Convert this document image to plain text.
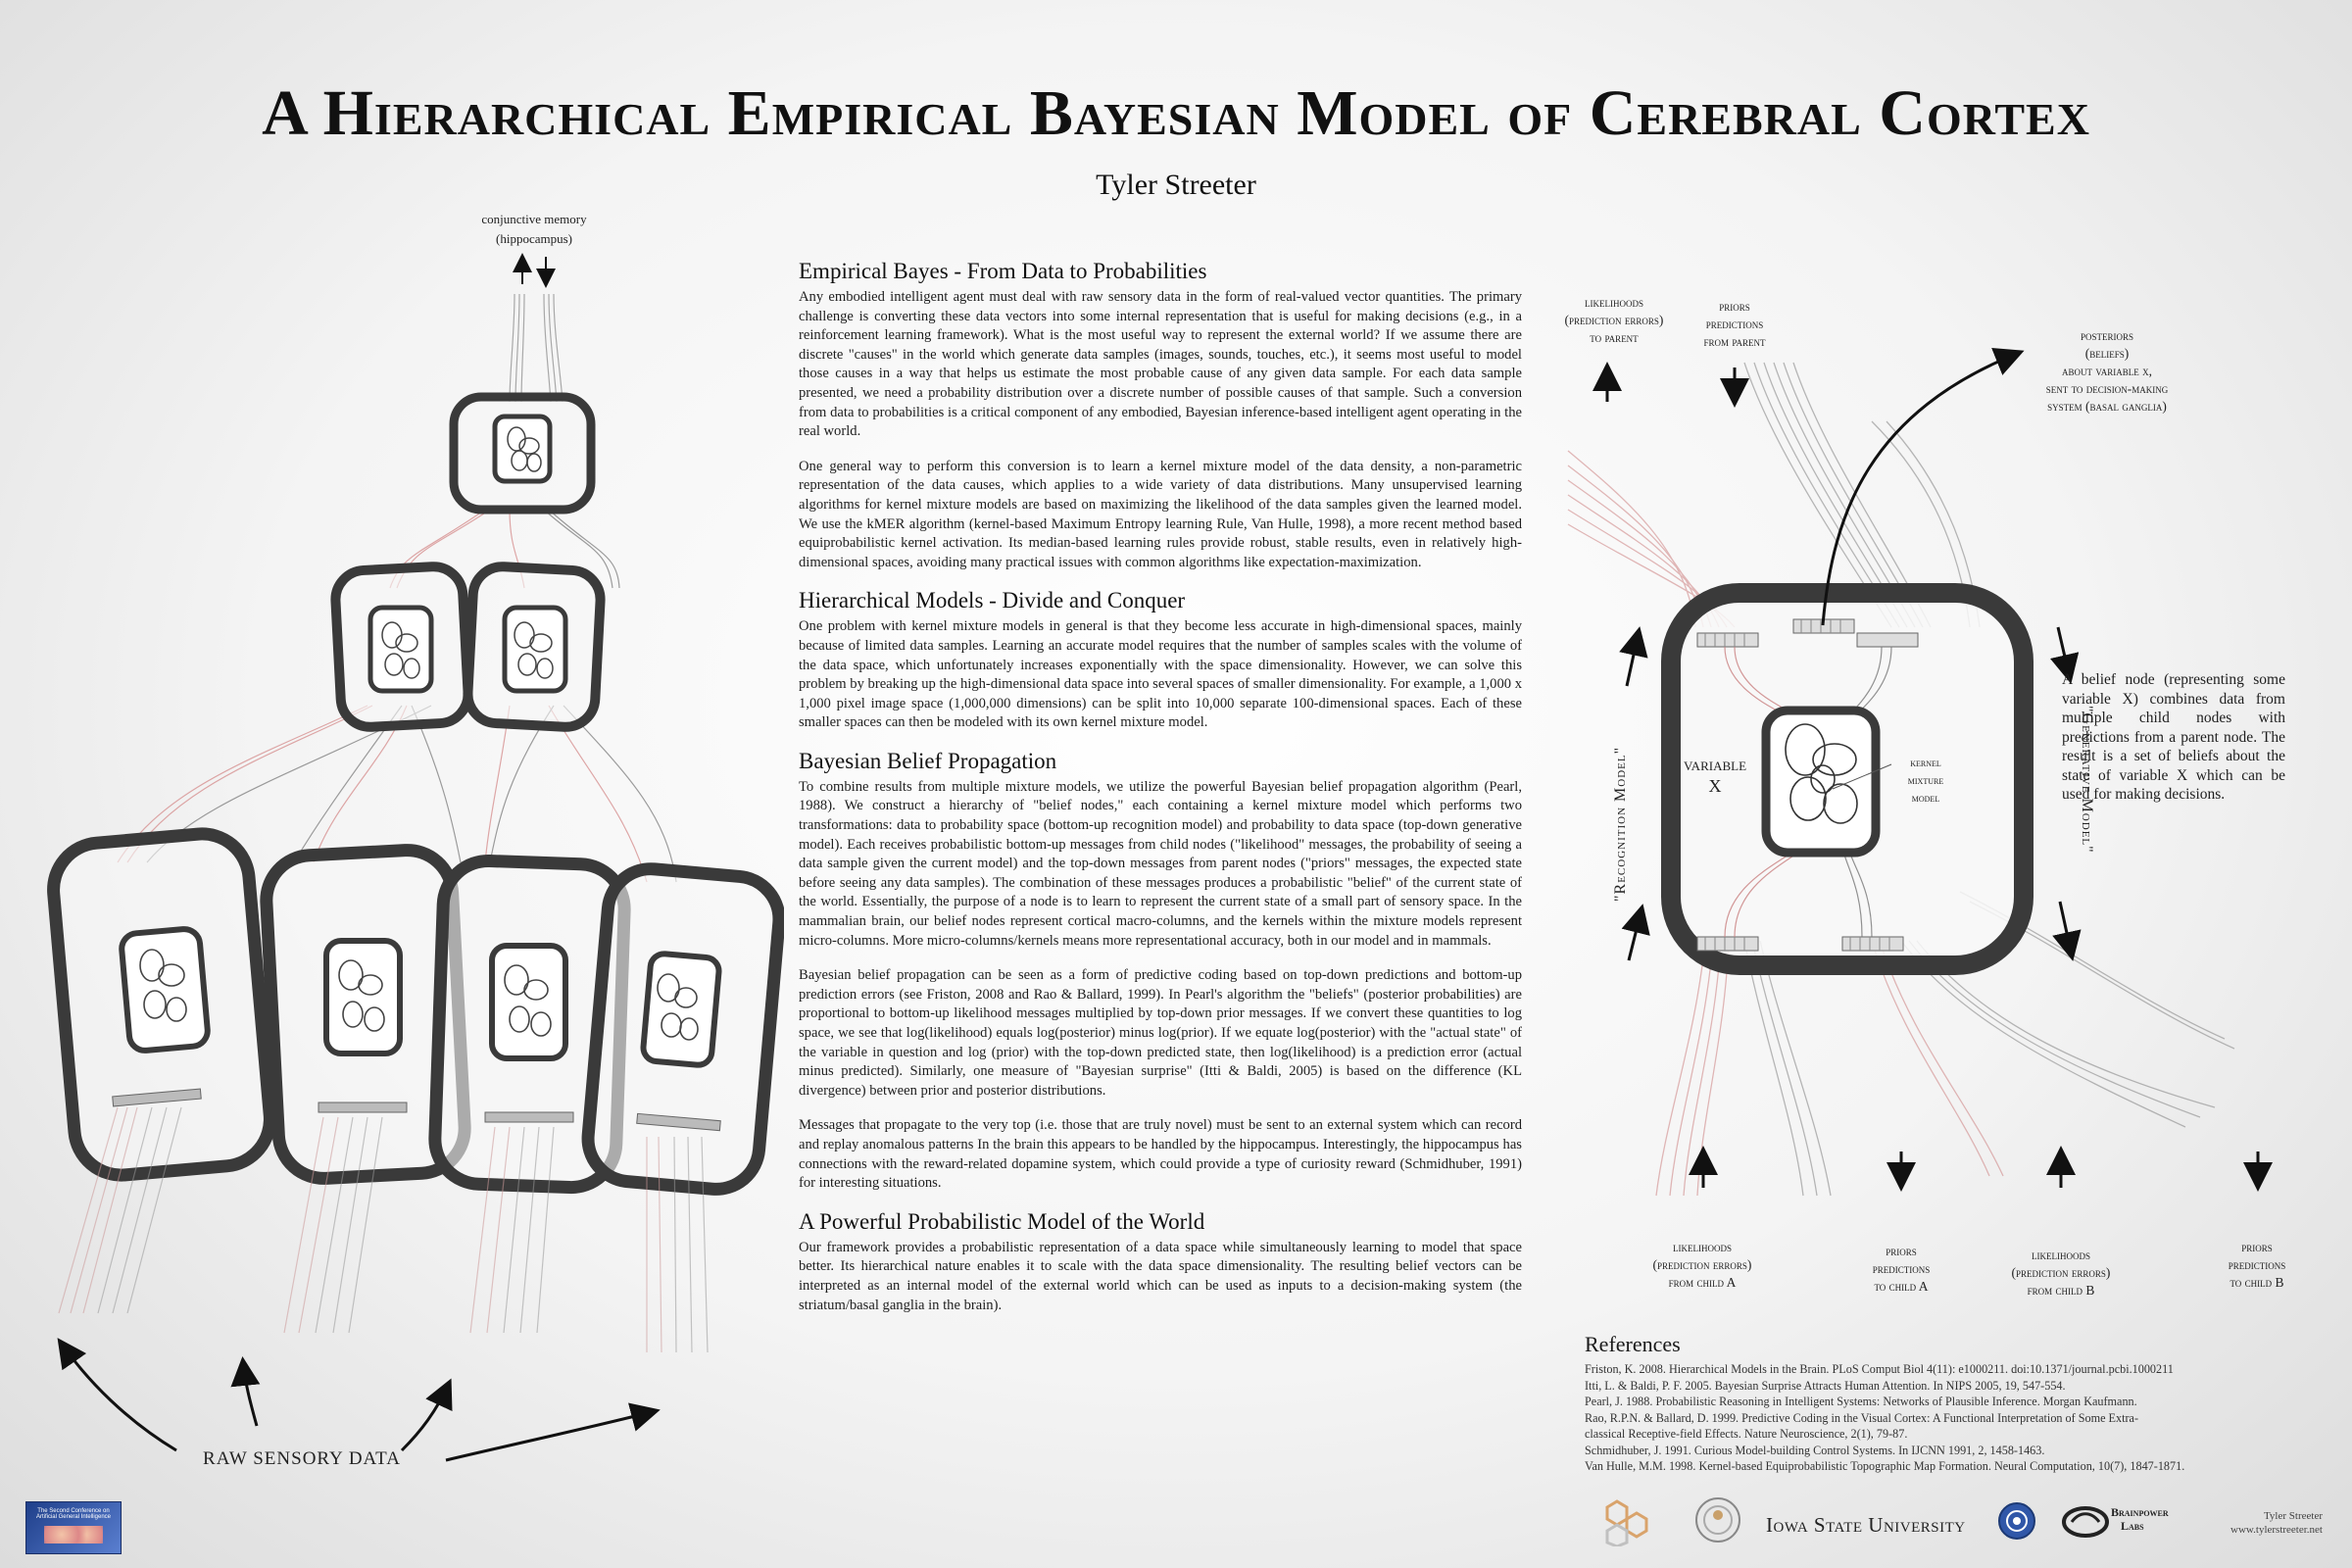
A Hierarchical Empirical Bayesian Model of Cerebral Cortex
Tyler Streeter
conjunctive memory
(hippocampus)
RAW SENSORY DATA
Empirical Bayes - From Data to Probabilities

Any embodied intelligent agent must deal with raw sensory data in the form of real-valued vector quantities. The primary challenge is converting these data vectors into some internal representation that is useful for making decisions (e.g., in a reinforcement learning framework). What is the most useful way to represent the external world? If we assume there are discrete "causes" in the world which generate data samples (images, sounds, touches, etc.), it seems most useful to model those causes in a way that helps us estimate the most probable cause of any given data sample. For each data sample presented, we need a probability distribution over a discrete number of possible causes of that sample. Such a conversion from data to probabilities is a critical component of any embodied, Bayesian inference-based intelligent agent operating in the real world.

One general way to perform this conversion is to learn a kernel mixture model of the data density, a non-parametric representation of the data causes, which applies to a wide variety of data distributions. Many unsupervised learning algorithms for kernel mixture models are based on maximizing the likelihood of the data samples given the learned model. We use the kMER algorithm (kernel-based Maximum Entropy learning Rule, Van Hulle, 1998), a more recent method based equiprobabilistic kernel activation. Its median-based learning rules provide robust, stable results, even in relatively high-dimensional spaces, avoiding many practical issues with common algorithms like expectation-maximization.

Hierarchical Models - Divide and Conquer

One problem with kernel mixture models in general is that they become less accurate in high-dimensional spaces, mainly because of limited data samples. Learning an accurate model requires that the number of samples scales with the volume of the data space, which unfortunately increases exponentially with the space dimensionality. However, we can solve this problem by breaking up the high-dimensional data space into several spaces of smaller dimensionality. For example, a 1,000 x 1,000 pixel image space (1,000,000 dimensions) can be split into 10,000 separate 100-dimensional spaces. Each of these smaller spaces can then be modeled with its own kernel mixture model.

Bayesian Belief Propagation

To combine results from multiple mixture models, we utilize the powerful Bayesian belief propagation algorithm (Pearl, 1988). We construct a hierarchy of "belief nodes," each containing a kernel mixture model which performs two transformations: data to probability space (bottom-up recognition model) and probability to data space (top-down generative model). Each receives probabilistic bottom-up messages from child nodes ("likelihood" messages, the probability of seeing a data sample given the current model) and the top-down messages from parent nodes ("priors" messages, the expected state before seeing any data samples). The combination of these messages produces a probabilistic "belief" of the current state of the world. Essentially, the purpose of a node is to learn to represent the current state of a small part of sensory space. In the mammalian brain, our belief nodes represent cortical macro-columns, and the kernels within the mixture models represent micro-columns. More micro-columns/kernels means more representational accuracy, both in our model and in mammals.

Bayesian belief propagation can be seen as a form of predictive coding based on top-down predictions and bottom-up prediction errors (see Friston, 2008 and Rao & Ballard, 1999). In Pearl's algorithm the "beliefs" (posterior probabilities) are proportional to bottom-up likelihood messages multiplied by top-down prior messages. If we convert these quantities to log space, we see that log(likelihood) equals log(posterior) minus log(prior). If we equate log(posterior) with the "actual state" of the variable in question and log (prior) with the top-down predicted state, then log(likelihood) is a prediction error (actual minus predicted). Similarly, one measure of "Bayesian surprise" (Itti & Baldi, 2005) is based on the difference (KL divergence) between prior and posterior distributions.

Messages that propagate to the very top (i.e. those that are truly novel) must be sent to an external system which can record and replay anomalous patterns In the brain this appears to be handled by the hippocampus. Interestingly, the hippocampus has connections with the reward-related dopamine system, which could provide a type of curiosity reward (Schmidhuber, 1991) for interesting situations.

A Powerful Probabilistic Model of the World

Our framework provides a probabilistic representation of a data space while simultaneously learning to model that space better. Its hierarchical nature enables it to scale with the data space dimensionality. The resulting belief vectors can be interpreted as an internal model of the external world which can be used as inputs to a decision-making system (the striatum/basal ganglia in the brain).

"Recognition Model"	"Generative Model"
VARIABLE
X
kernel
mixture
model
likelihoods
(prediction errors)
to parent
priors
predictions
from parent	posteriors
(beliefs)
about variable x,
sent to decision-making
system (basal ganglia)
A belief node (representing some variable X) combines data from multiple child nodes with predictions from a parent node. The result is a set of beliefs about the state of variable X which can be used for making decisions.
likelihoods
(prediction errors)
from child A
priors
predictions
to child A
likelihoods
(prediction errors)
from child B
priors
predictions
to child B
References
Friston, K. 2008. Hierarchical Models in the Brain. PLoS Comput Biol 4(11): e1000211. doi:10.1371/journal.pcbi.1000211
Itti, L. & Baldi, P. F. 2005. Bayesian Surprise Attracts Human Attention. In NIPS 2005, 19, 547-554.
Pearl, J. 1988. Probabilistic Reasoning in Intelligent Systems: Networks of Plausible Inference. Morgan Kaufmann.
Rao, R.P.N. & Ballard, D. 1999. Predictive Coding in the Visual Cortex: A Functional Interpretation of Some Extra-
classical Receptive-field Effects. Nature Neuroscience, 2(1), 79-87.
Schmidhuber, J. 1991. Curious Model-building Control Systems. In IJCNN 1991, 2, 1458-1463.
Van Hulle, M.M. 1998. Kernel-based Equiprobabilistic Topographic Map Formation. Neural Computation, 10(7), 1847-1871.
The Second Conference on
Artificial General Intelligence	Iowa State University
Brainpower
Labs
Tyler Streeter
www.tylerstreeter.net
